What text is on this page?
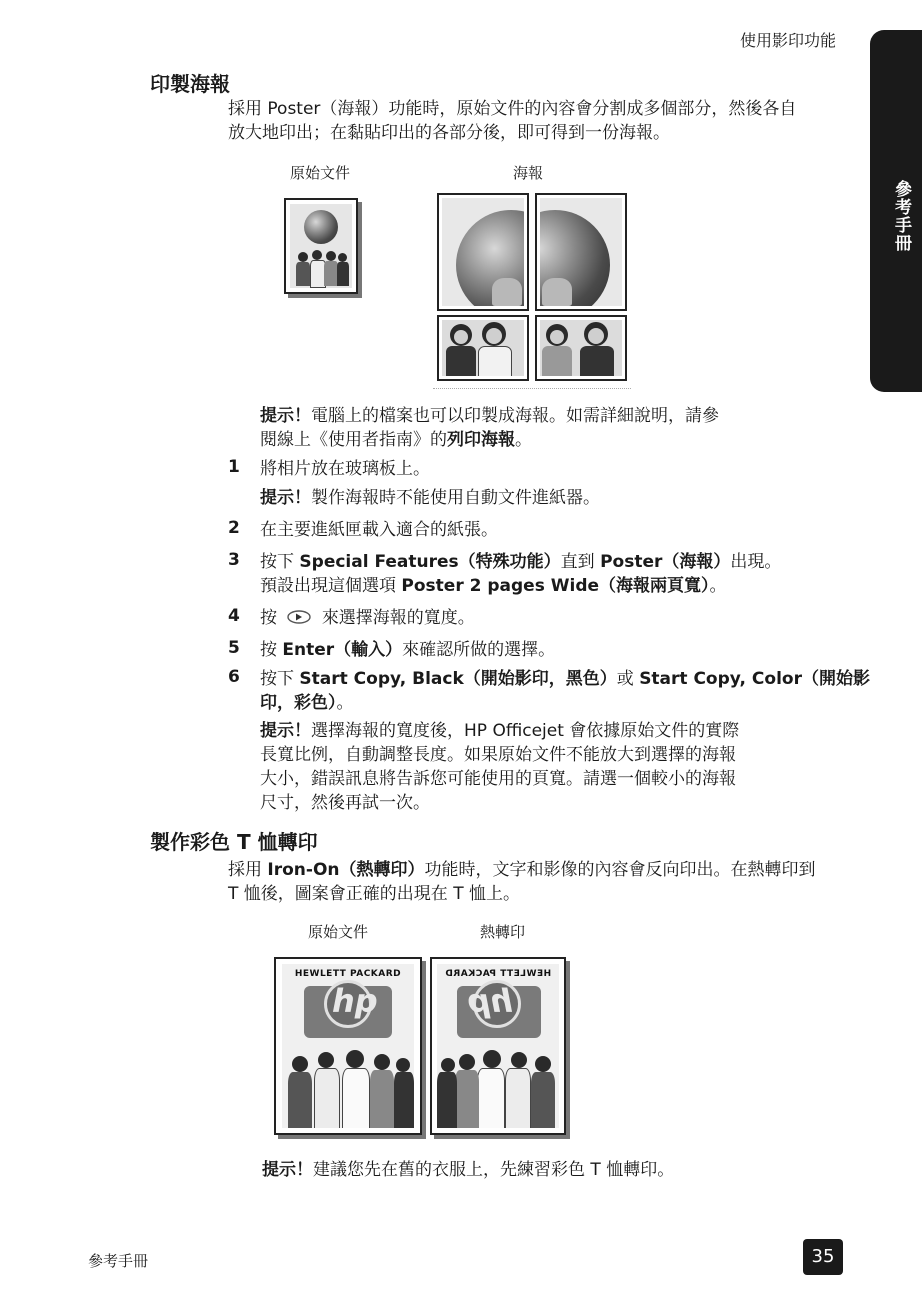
使用影印功能
參考手冊
印製海報
採用 Poster（海報）功能時，原始文件的內容會分割成多個部分，然後各自
放大地印出；在黏貼印出的各部分後，即可得到一份海報。
原始文件	海報
提示！電腦上的檔案也可以印製成海報。如需詳細說明，請參
閱線上《使用者指南》的列印海報。
1 將相片放在玻璃板上。
提示！製作海報時不能使用自動文件進紙器。
2 在主要進紙匣載入適合的紙張。
3 按下 Special Features（特殊功能）直到 Poster（海報）出現。
預設出現這個選項 Poster 2 pages Wide（海報兩頁寬）。
4 按	來選擇海報的寬度。
5 按 Enter（輸入）來確認所做的選擇。
6 按下 Start Copy, Black（開始影印，黑色）或 Start Copy, Color（開始影
印，彩色）。
提示！選擇海報的寬度後，HP Officejet 會依據原始文件的實際
長寬比例，自動調整長度。如果原始文件不能放大到選擇的海報
大小，錯誤訊息將告訴您可能使用的頁寬。請選一個較小的海報
尺寸，然後再試一次。
製作彩色 T 恤轉印
採用 Iron-On（熱轉印）功能時，文字和影像的內容會反向印出。在熱轉印到
T 恤後，圖案會正確的出現在 T 恤上。
原始文件	熱轉印
HEWLETT PACKARD
hp
HEWLETT PACKARD
hp
提示！建議您先在舊的衣服上，先練習彩色 T 恤轉印。
參考手冊	35
